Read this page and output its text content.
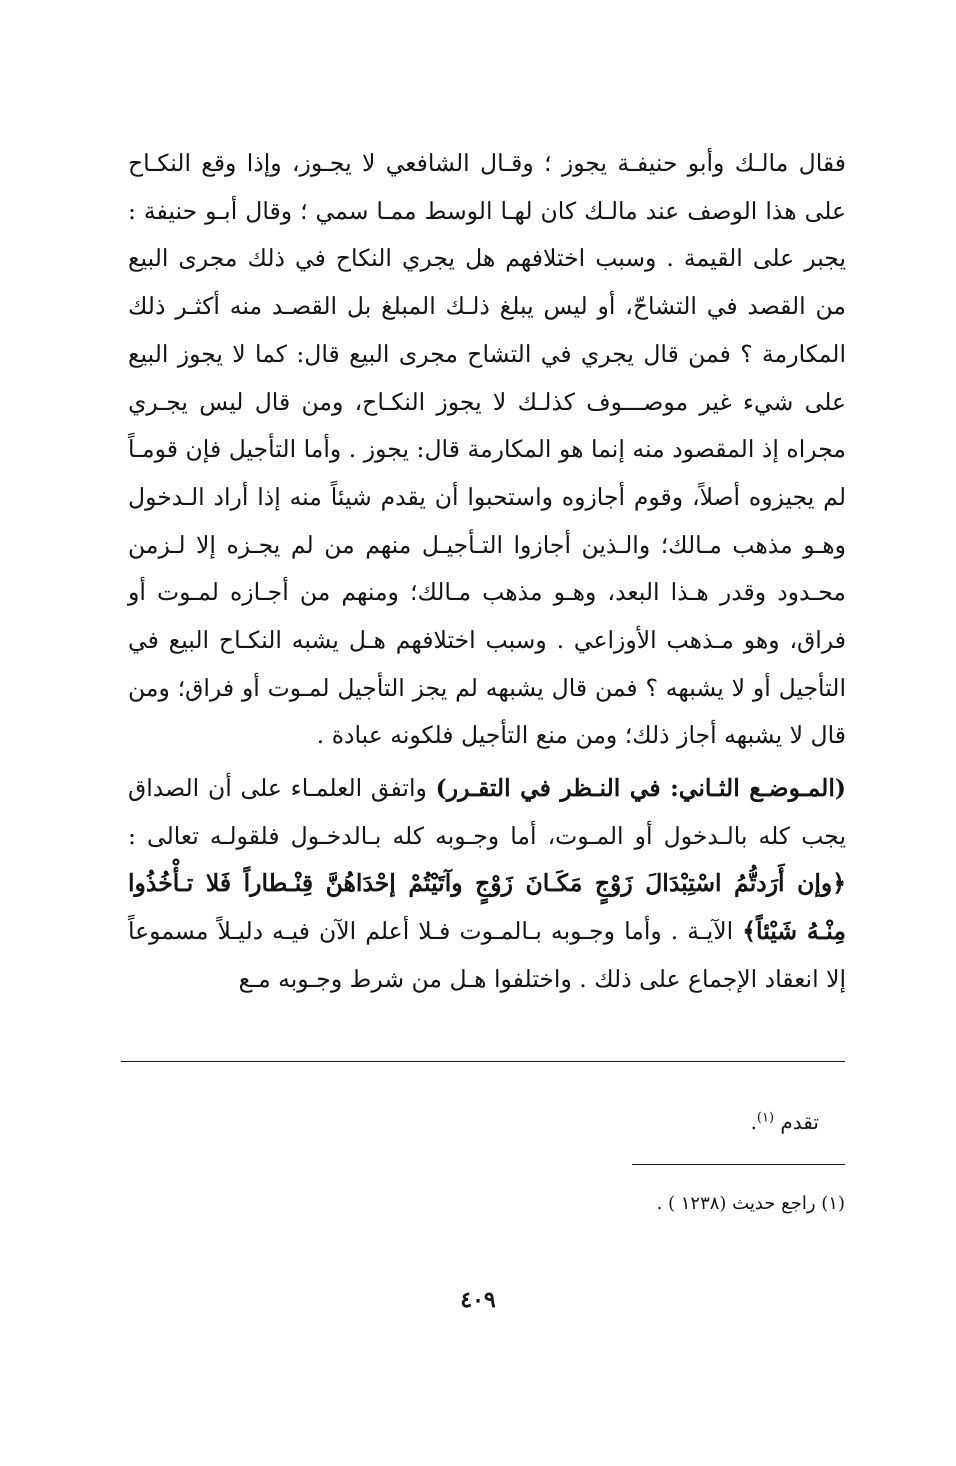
فقال مالـك وأبو حنيفـة يجوز ؛ وقـال الشافعي لا يجـوز، وإذا وقع النكـاح على هذا الوصف عند مالـك كان لهـا الوسط ممـا سمي ؛ وقال أبـو حنيفة : يجبر على القيمة . وسبب اختلافهم هل يجري النكاح في ذلك مجرى البيع من القصد في التشاحّ، أو ليس يبلغ ذلـك المبلغ بل القصـد منه أكثـر ذلك المكارمة ؟ فمن قال يجري في التشاح مجرى البيع قال: كما لا يجوز البيع على شيء غير موصـــوف كذلـك لا يجوز النكـاح، ومن قال ليس يجـري مجراه إذ المقصود منه إنما هو المكارمة قال: يجوز . وأما التأجيل فإن قومـاً لم يجيزوه أصلاً، وقوم أجازوه واستحبوا أن يقدم شيئاً منه إذا أراد الـدخول وهـو مذهب مـالك؛ والـذين أجازوا التـأجيـل منهم من لم يجـزه إلا لـزمن محـدود وقدر هـذا البعد، وهـو مذهب مـالك؛ ومنهم من أجـازه لمـوت أو فراق، وهو مـذهب الأوزاعي . وسبب اختلافهم هـل يشبه النكـاح البيع في التأجيل أو لا يشبهه ؟ فمن قال يشبهه لم يجز التأجيل لمـوت أو فراق؛ ومن قال لا يشبهه أجاز ذلك؛ ومن منع التأجيل فلكونه عبادة .

(المـوضـع الثـاني: في النـظر في التقـرر) واتفق العلمـاء على أن الصداق يجب كله بالـدخول أو المـوت، أما وجـوبه كله بـالدخـول فلقولـه تعالى : ﴿وإن أَرَدتُّمُ اسْتِبْدَالَ زَوْجٍ مَكَـانَ زَوْجٍ وآتَيْتُمْ إحْدَاهُنَّ قِنْـطاراً فَلا تـأْخُذُوا مِنْـهُ شَيْئاً﴾ الآيـة . وأما وجـوبه بـالمـوت فـلا أعلم الآن فيـه دليـلاً مسموعاً إلا انعقاد الإجماع على ذلك . واختلفوا هـل من شرط وجـوبه مـع

تقدم $^{(١)}$.
(١) راجع حديث (١٢٣٨ ) .
٤٠٩
